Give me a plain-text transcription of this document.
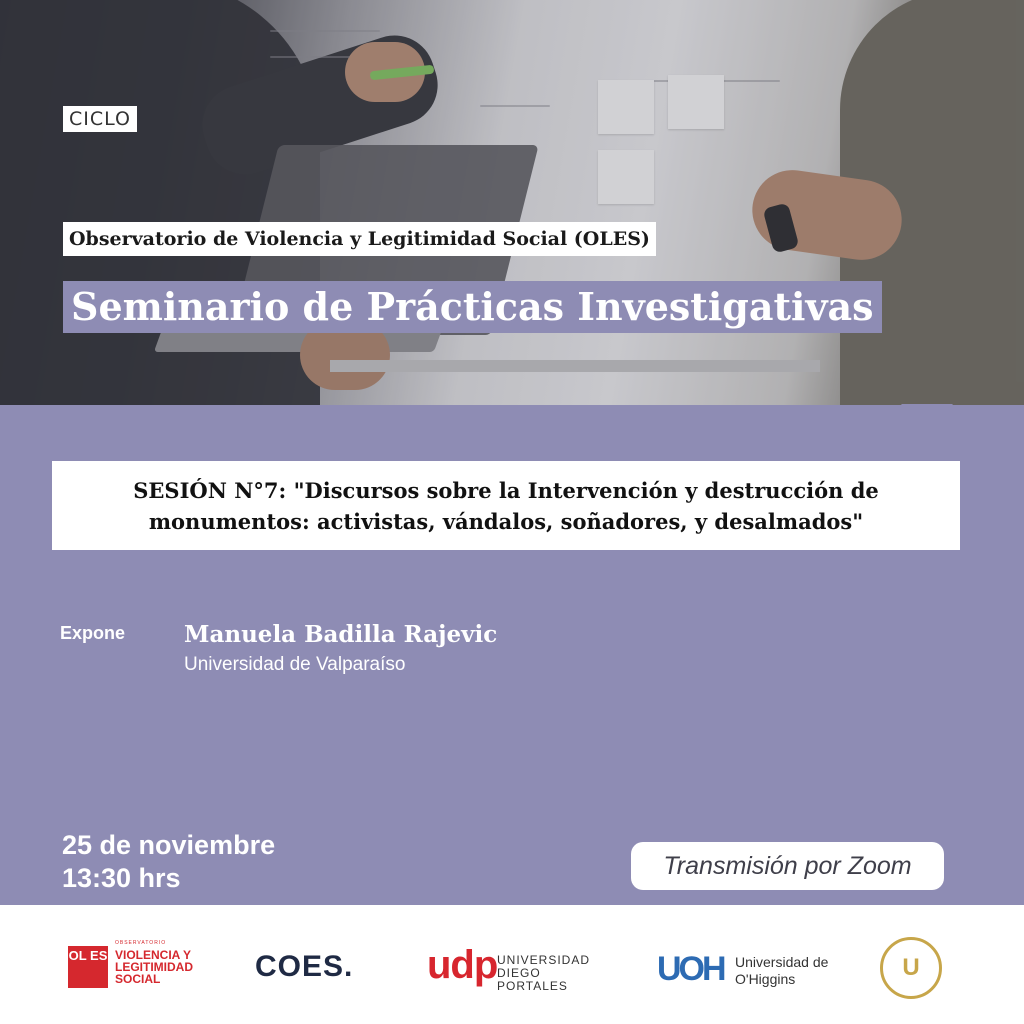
CICLO
Observatorio de Violencia y Legitimidad Social (OLES)
Seminario de Prácticas Investigativas
SESIÓN N°7: "Discursos sobre la Intervención y destrucción de monumentos: activistas, vándalos, soñadores, y desalmados"
Expone	Manuela Badilla Rajevic
Universidad de Valparaíso
25 de noviembre
13:30 hrs	Transmisión por Zoom
OL ES
OBSERVATORIO
VIOLENCIA Y LEGITIMIDAD SOCIAL	COES. udp UNIVERSIDAD DIEGO PORTALES	UOH Universidad de O'Higgins	U
